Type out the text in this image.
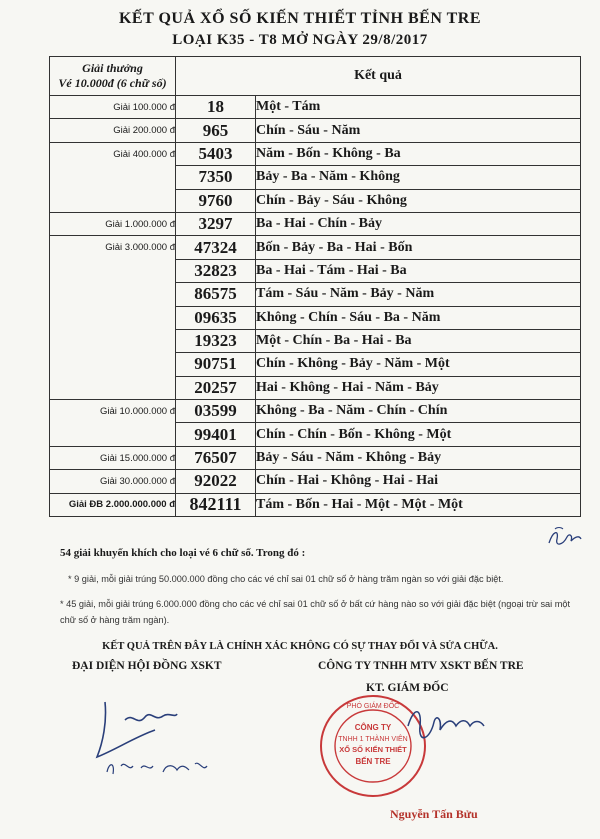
KẾT QUẢ XỔ SỐ KIẾN THIẾT TỈNH BẾN TRE
LOẠI K35 - T8 MỞ NGÀY 29/8/2017
Giải thưởng
Vé 10.000đ (6 chữ số)	Kết quả	
Giải 100.000 đ	18	Một - Tám
Giải 200.000 đ	965	Chín - Sáu - Năm
Giải 400.000 đ	5403	Năm - Bốn - Không - Ba
	7350	Bảy - Ba - Năm - Không
	9760	Chín - Bảy - Sáu - Không
Giải 1.000.000 đ	3297	Ba - Hai - Chín - Bảy
Giải 3.000.000 đ	47324	Bốn - Bảy - Ba - Hai - Bốn
	32823	Ba - Hai - Tám - Hai - Ba
	86575	Tám - Sáu - Năm - Bảy - Năm
	09635	Không - Chín - Sáu - Ba - Năm
	19323	Một - Chín - Ba - Hai - Ba
	90751	Chín - Không - Bảy - Năm - Một
	20257	Hai - Không - Hai - Năm - Bảy
Giải 10.000.000 đ	03599	Không - Ba - Năm - Chín - Chín
	99401	Chín - Chín - Bốn - Không - Một
Giải 15.000.000 đ	76507	Bảy - Sáu - Năm - Không - Bảy
Giải 30.000.000 đ	92022	Chín - Hai - Không - Hai - Hai
Giải ĐB 2.000.000.000 đ	842111	Tám - Bốn - Hai - Một - Một - Một
54 giải khuyến khích cho loại vé 6 chữ số. Trong đó :
* 9 giải, mỗi giải trúng 50.000.000 đồng cho các vé chỉ sai 01 chữ số ở hàng trăm ngàn so với giải đặc biệt.
* 45 giải, mỗi giải trúng 6.000.000 đồng cho các vé chỉ sai 01 chữ số ở bất cứ hàng nào so với giải đặc biệt (ngoại trừ sai một chữ số ở hàng trăm ngàn).
KẾT QUẢ TRÊN ĐÂY LÀ CHÍNH XÁC KHÔNG CÓ SỰ THAY ĐỔI VÀ SỬA CHỮA.
ĐẠI DIỆN HỘI ĐỒNG XSKT	CÔNG TY TNHH MTV XSKT BẾN TRE
KT. GIÁM ĐỐC
PHÓ GIÁM ĐỐC
CÔNG TY
TNHH 1 THÀNH VIÊN
XỔ SỐ KIẾN THIẾT
BẾN TRE
Nguyễn Tấn Bửu
